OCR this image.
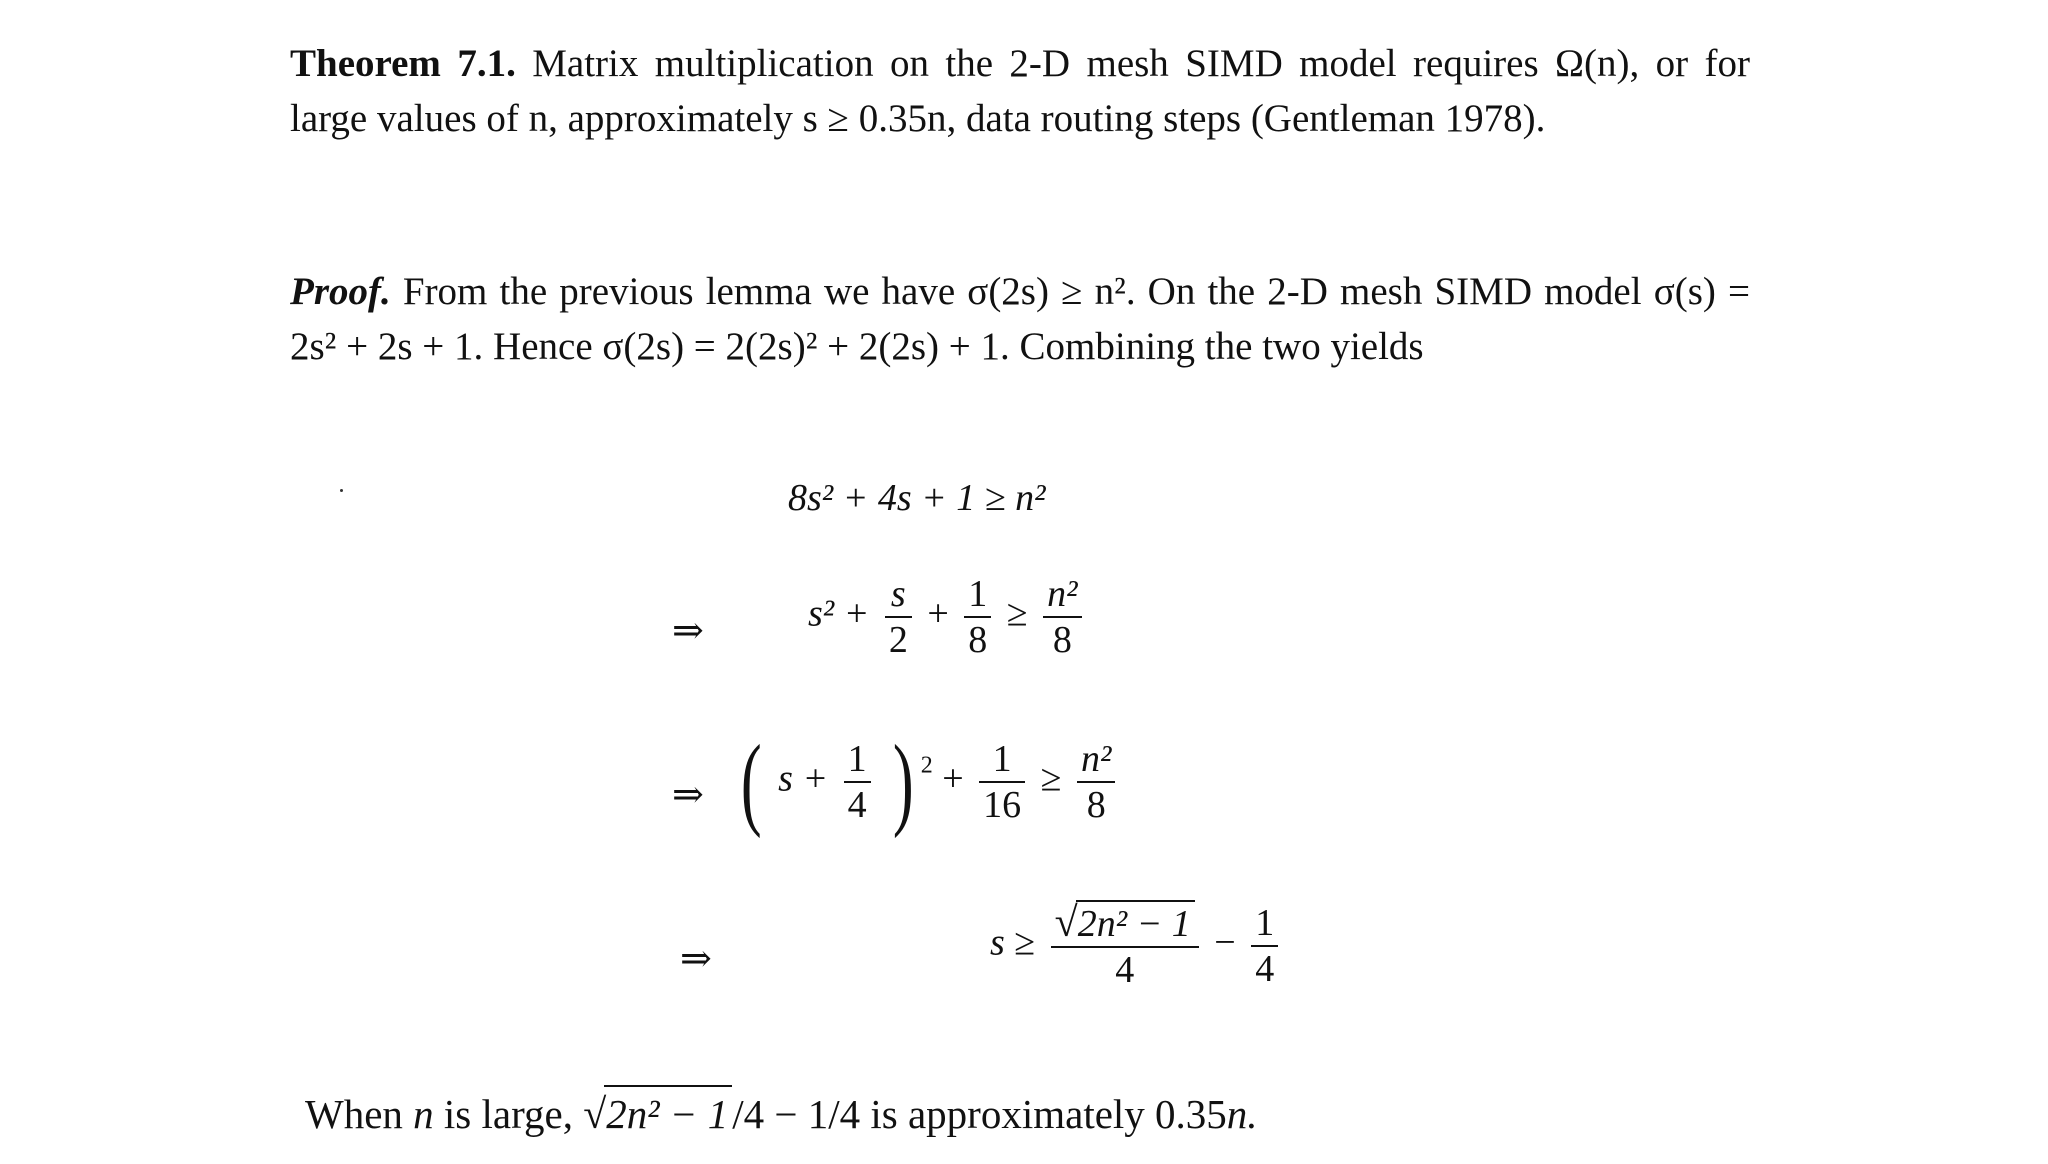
Theorem 7.1. Matrix multiplication on the 2-D mesh SIMD model requires Ω(n), or for large values of n, approximately s ≥ 0.35n, data routing steps (Gentleman 1978).

Proof. From the previous lemma we have σ(2s) ≥ n². On the 2-D mesh SIMD model σ(s) = 2s² + 2s + 1. Hence σ(2s) = 2(2s)² + 2(2s) + 1. Combining the two yields

8s² + 4s + 1 ≥ n²
⇒	$s^2 + \frac{s}{2} + \frac{1}{8} \ge \frac{\text{n²}}{8}$
⇒ ( $s + \frac{1}{4}$ ) $^2 + \frac{1}{16} \ge \frac{\text{n²}}{8}$
⇒	$s \ge \frac{\text{√2n² − 1}}{4} - \frac{1}{4}$
When n is large, √2n² − 1/4 − 1/4 is approximately 0.35n.
